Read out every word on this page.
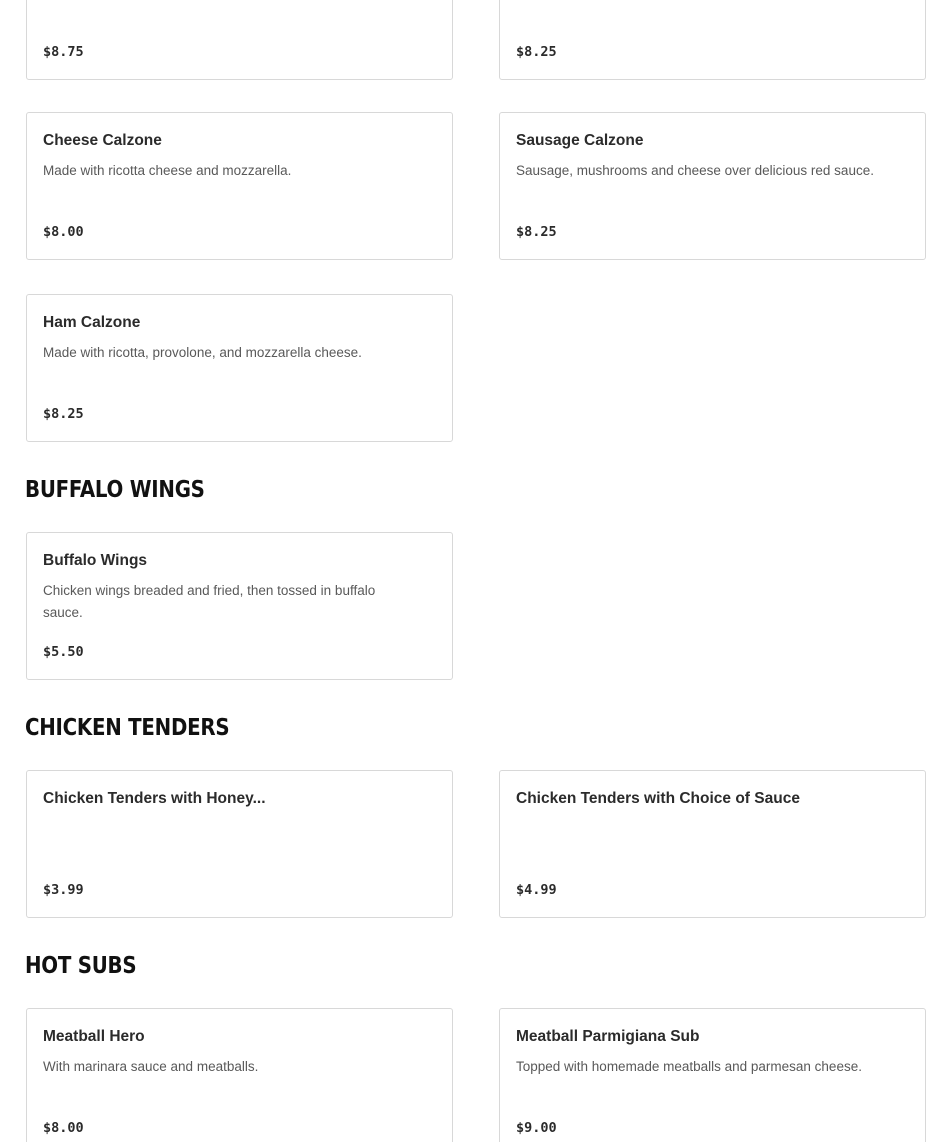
$8.75	$8.25
Cheese Calzone
Made with ricotta cheese and mozzarella.
$8.00
Sausage Calzone
Sausage, mushrooms and cheese over delicious red sauce.
$8.25
Ham Calzone
Made with ricotta, provolone, and mozzarella cheese.
$8.25
BUFFALO WINGS
Buffalo Wings
Chicken wings breaded and fried, then tossed in buffalo sauce.
$5.50
CHICKEN TENDERS
Chicken Tenders with Honey...
$3.99
Chicken Tenders with Choice of Sauce
$4.99
HOT SUBS
Meatball Hero
With marinara sauce and meatballs.
$8.00
Meatball Parmigiana Sub
Topped with homemade meatballs and parmesan cheese.
$9.00
